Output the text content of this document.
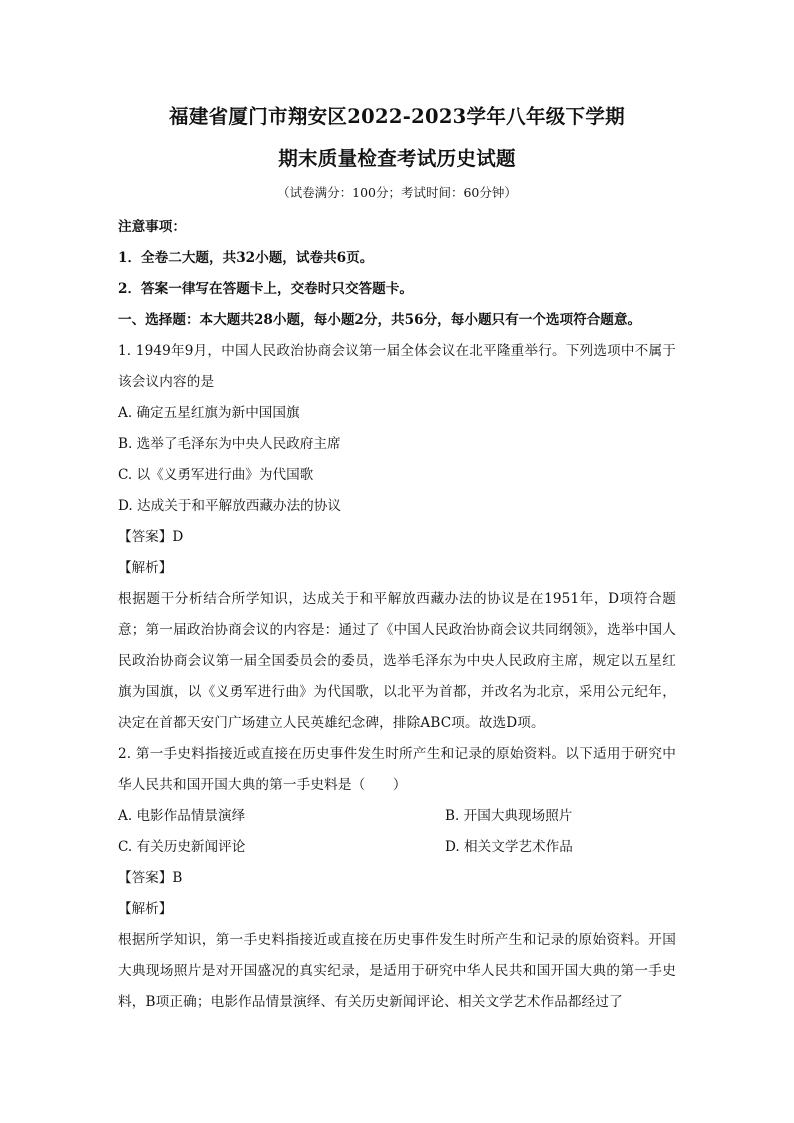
福建省厦门市翔安区2022-2023学年八年级下学期

期末质量检查考试历史试题

（试卷满分：100分；考试时间：60分钟）

注意事项：

1．全卷二大题，共32小题，试卷共6页。

2．答案一律写在答题卡上，交卷时只交答题卡。

一、选择题：本大题共28小题，每小题2分，共56分，每小题只有一个选项符合题意。

1. 1949年9月，中国人民政治协商会议第一届全体会议在北平隆重举行。下列选项中不属于该会议内容的是

A. 确定五星红旗为新中国国旗

B. 选举了毛泽东为中央人民政府主席

C. 以《义勇军进行曲》为代国歌

D. 达成关于和平解放西藏办法的协议

【答案】D

【解析】

根据题干分析结合所学知识，达成关于和平解放西藏办法的协议是在1951年，D项符合题意；第一届政治协商会议的内容是：通过了《中国人民政治协商会议共同纲领》，选举中国人民政治协商会议第一届全国委员会的委员，选举毛泽东为中央人民政府主席，规定以五星红旗为国旗，以《义勇军进行曲》为代国歌，以北平为首都，并改名为北京，采用公元纪年，决定在首都天安门广场建立人民英雄纪念碑，排除ABC项。故选D项。

2. 第一手史料指接近或直接在历史事件发生时所产生和记录的原始资料。以下适用于研究中华人民共和国开国大典的第一手史料是（　　）

A. 电影作品情景演绎	B. 开国大典现场照片
C. 有关历史新闻评论	D. 相关文学艺术作品

【答案】B

【解析】

根据所学知识，第一手史料指接近或直接在历史事件发生时所产生和记录的原始资料。开国大典现场照片是对开国盛况的真实纪录，是适用于研究中华人民共和国开国大典的第一手史料，B项正确；电影作品情景演绎、有关历史新闻评论、相关文学艺术作品都经过了
